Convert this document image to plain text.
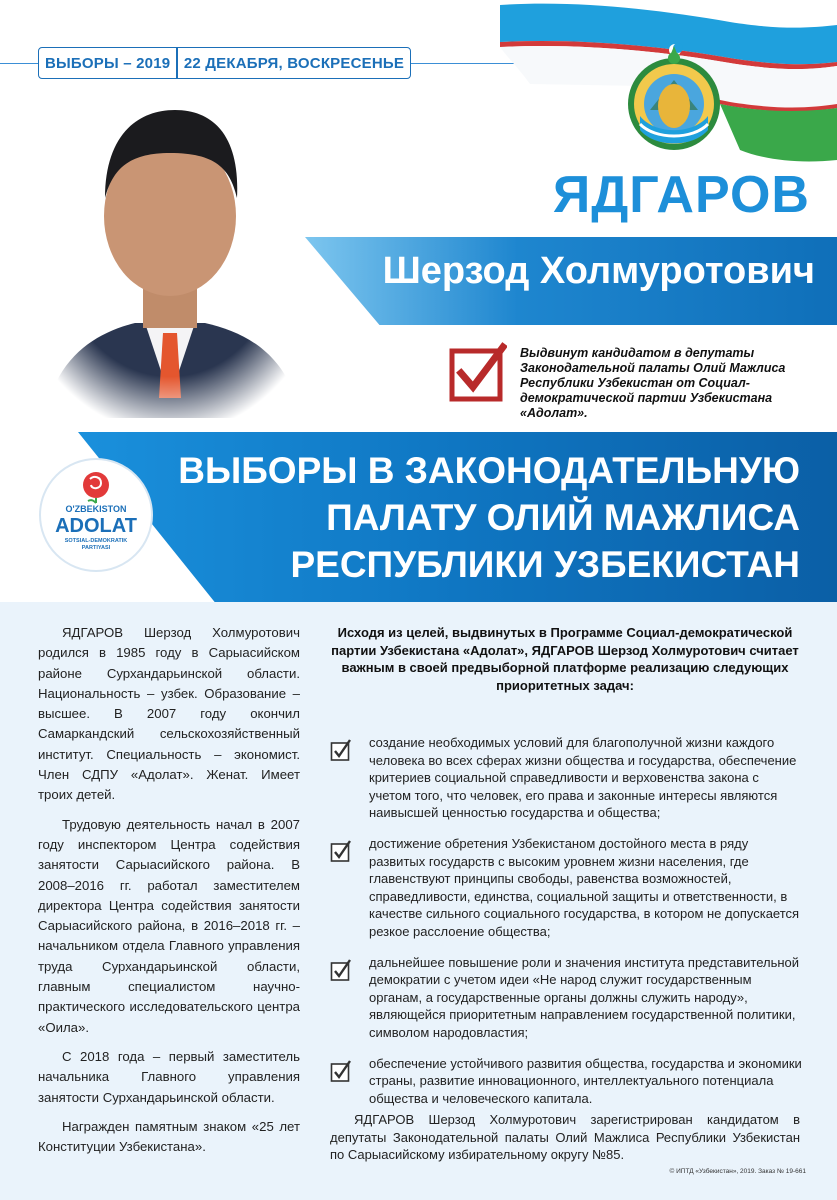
ВЫБОРЫ – 2019 22 ДЕКАБРЯ, ВОСКРЕСЕНЬЕ
ЯДГАРОВ
Шерзод Холмуротович
Выдвинут кандидатом в депутаты Законодательной палаты Олий Мажлиса Республики Узбекистан от Социал-демократической партии Узбекистана «Адолат».
ВЫБОРЫ В ЗАКОНОДАТЕЛЬНУЮ
ПАЛАТУ ОЛИЙ МАЖЛИСА
РЕСПУБЛИКИ УЗБЕКИСТАН
O'ZBEKISTON
ADOLAT
SOTSIAL-DEMOKRATIK
PARTIYASI

ЯДГАРОВ Шерзод Холмуротович родился в 1985 году в Сарыасийском районе Сурхандарьинской области. Национальность – узбек. Образование – высшее. В 2007 году окончил Самаркандский сельскохозяйственный институт. Специальность – экономист. Член СДПУ «Адолат». Женат. Имеет троих детей.

Трудовую деятельность начал в 2007 году инспектором Центра содействия занятости Сарыасийского района. В 2008–2016 гг. работал заместителем директора Центра содействия занятости Сарыасийского района, в 2016–2018 гг. – начальником отдела Главного управления труда Сурхандарьинской области, главным специалистом научно-практического исследовательского центра «Оила».

С 2018 года – первый заместитель начальника Главного управления занятости Сурхандарьинской области.

Награжден памятным знаком «25 лет Конституции Узбекистана».

Исходя из целей, выдвинутых в Программе Социал-демократической партии Узбекистана «Адолат», ЯДГАРОВ Шерзод Холмуротович считает важным в своей предвыборной платформе реализацию следующих приоритетных задач:
создание необходимых условий для благополучной жизни каждого человека во всех сферах жизни общества и государства, обеспечение критериев социальной справедливости и верховенства закона с учетом того, что человек, его права и законные интересы являются наивысшей ценностью государства и общества;
достижение обретения Узбекистаном достойного места в ряду развитых государств с высоким уровнем жизни населения, где главенствуют принципы свободы, равенства возможностей, справедливости, единства, социальной защиты и ответственности, в качестве сильного социального государства, в котором не допускается резкое расслоение общества;
дальнейшее повышение роли и значения института представительной демократии с учетом идеи «Не народ служит государственным органам, а государственные органы должны служить народу», являющейся приоритетным направлением государственной политики, символом народовластия;
обеспечение устойчивого развития общества, государства и экономики страны, развитие инновационного, интеллектуального потенциала общества и человеческого капитала.
ЯДГАРОВ Шерзод Холмуротович зарегистрирован кандидатом в депутаты Законодательной палаты Олий Мажлиса Республики Узбекистан по Сарыасийскому избирательному округу №85.
© ИПТД «Узбекистан», 2019. Заказ № 19-661
